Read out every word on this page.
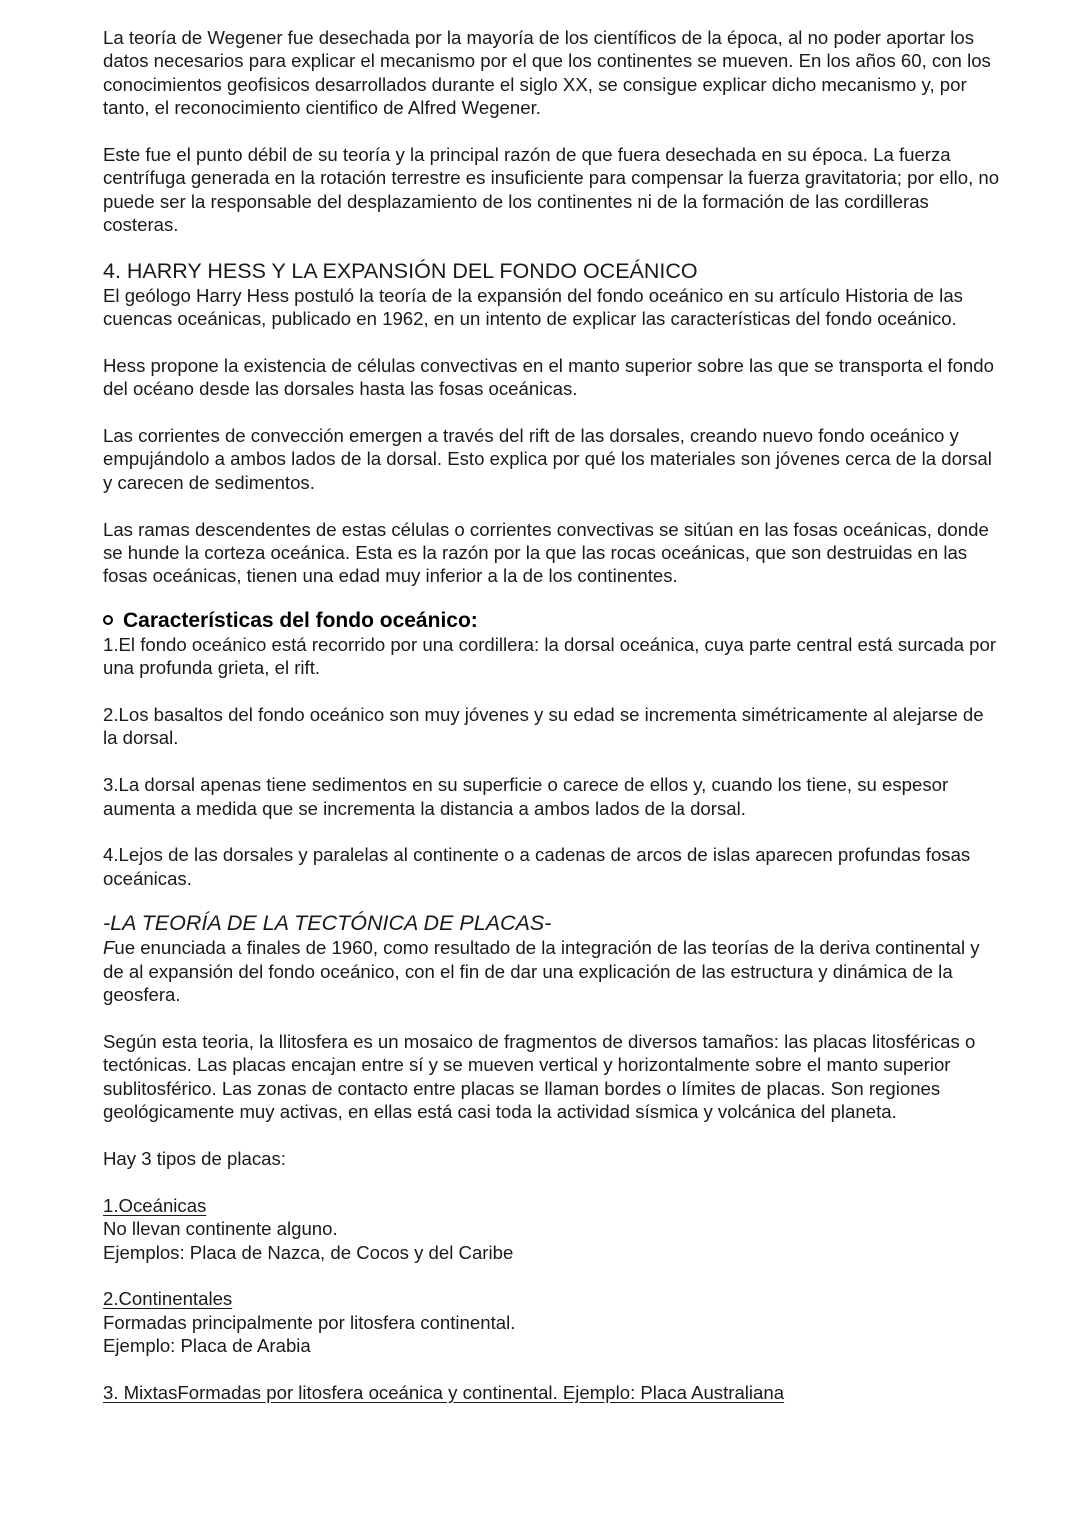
La teoría de Wegener fue desechada por la mayoría de los científicos de la época, al no poder aportar los datos necesarios para explicar el mecanismo por el que los continentes se mueven. En los años 60, con los conocimientos geofisicos desarrollados durante el siglo XX, se consigue explicar dicho mecanismo y, por tanto, el reconocimiento cientifico de Alfred Wegener.

Este fue el punto débil de su teoría y la principal razón de que fuera desechada en su época. La fuerza centrífuga generada en la rotación terrestre es insuficiente para compensar la fuerza gravitatoria; por ello, no puede ser la responsable del desplazamiento de los continentes ni de la formación de las cordilleras costeras.

4. HARRY HESS Y LA EXPANSIÓN DEL FONDO OCEÁNICO

El geólogo Harry Hess postuló la teoría de la expansión del fondo oceánico en su artículo Historia de las cuencas oceánicas, publicado en 1962, en un intento de explicar las características del fondo oceánico.

Hess propone la existencia de células convectivas en el manto superior sobre las que se transporta el fondo del océano desde las dorsales hasta las fosas oceánicas.

Las corrientes de convección emergen a través del rift de las dorsales, creando nuevo fondo oceánico y empujándolo a ambos lados de la dorsal. Esto explica por qué los materiales son jóvenes cerca de la dorsal y carecen de sedimentos.

Las ramas descendentes de estas células o corrientes convectivas se sitúan en las fosas oceánicas, donde se hunde la corteza oceánica. Esta es la razón por la que las rocas oceánicas, que son destruidas en las fosas oceánicas, tienen una edad muy inferior a la de los continentes.

Características del fondo oceánico:

1.El fondo oceánico está recorrido por una cordillera: la dorsal oceánica, cuya parte central está surcada por una profunda grieta, el rift.

2.Los basaltos del fondo oceánico son muy jóvenes y su edad se incrementa simétricamente al alejarse de la dorsal.

3.La dorsal apenas tiene sedimentos en su superficie o carece de ellos y, cuando los tiene, su espesor aumenta a medida que se incrementa la distancia a ambos lados de la dorsal.

4.Lejos de las dorsales y paralelas al continente o a cadenas de arcos de islas aparecen profundas fosas oceánicas.

-LA TEORÍA DE LA TECTÓNICA DE PLACAS-

Fue enunciada a finales de 1960, como resultado de la integración de las teorías de la deriva continental y de al expansión del fondo oceánico, con el fin de dar una explicación de las estructura y dinámica de la geosfera.

Según esta teoria, la llitosfera es un mosaico de fragmentos de diversos tamaños: las placas litosféricas o tectónicas. Las placas encajan entre sí y se mueven vertical y horizontalmente sobre el manto superior sublitosférico. Las zonas de contacto entre placas se llaman bordes o límites de placas. Son regiones geológicamente muy activas, en ellas está casi toda la actividad sísmica y volcánica del planeta.

Hay 3 tipos de placas:

1.Oceánicas

No llevan continente alguno.

Ejemplos: Placa de Nazca, de Cocos y del Caribe

2.Continentales

Formadas principalmente por litosfera continental.

Ejemplo: Placa de Arabia

3. MixtasFormadas por litosfera oceánica y continental. Ejemplo: Placa Australiana
